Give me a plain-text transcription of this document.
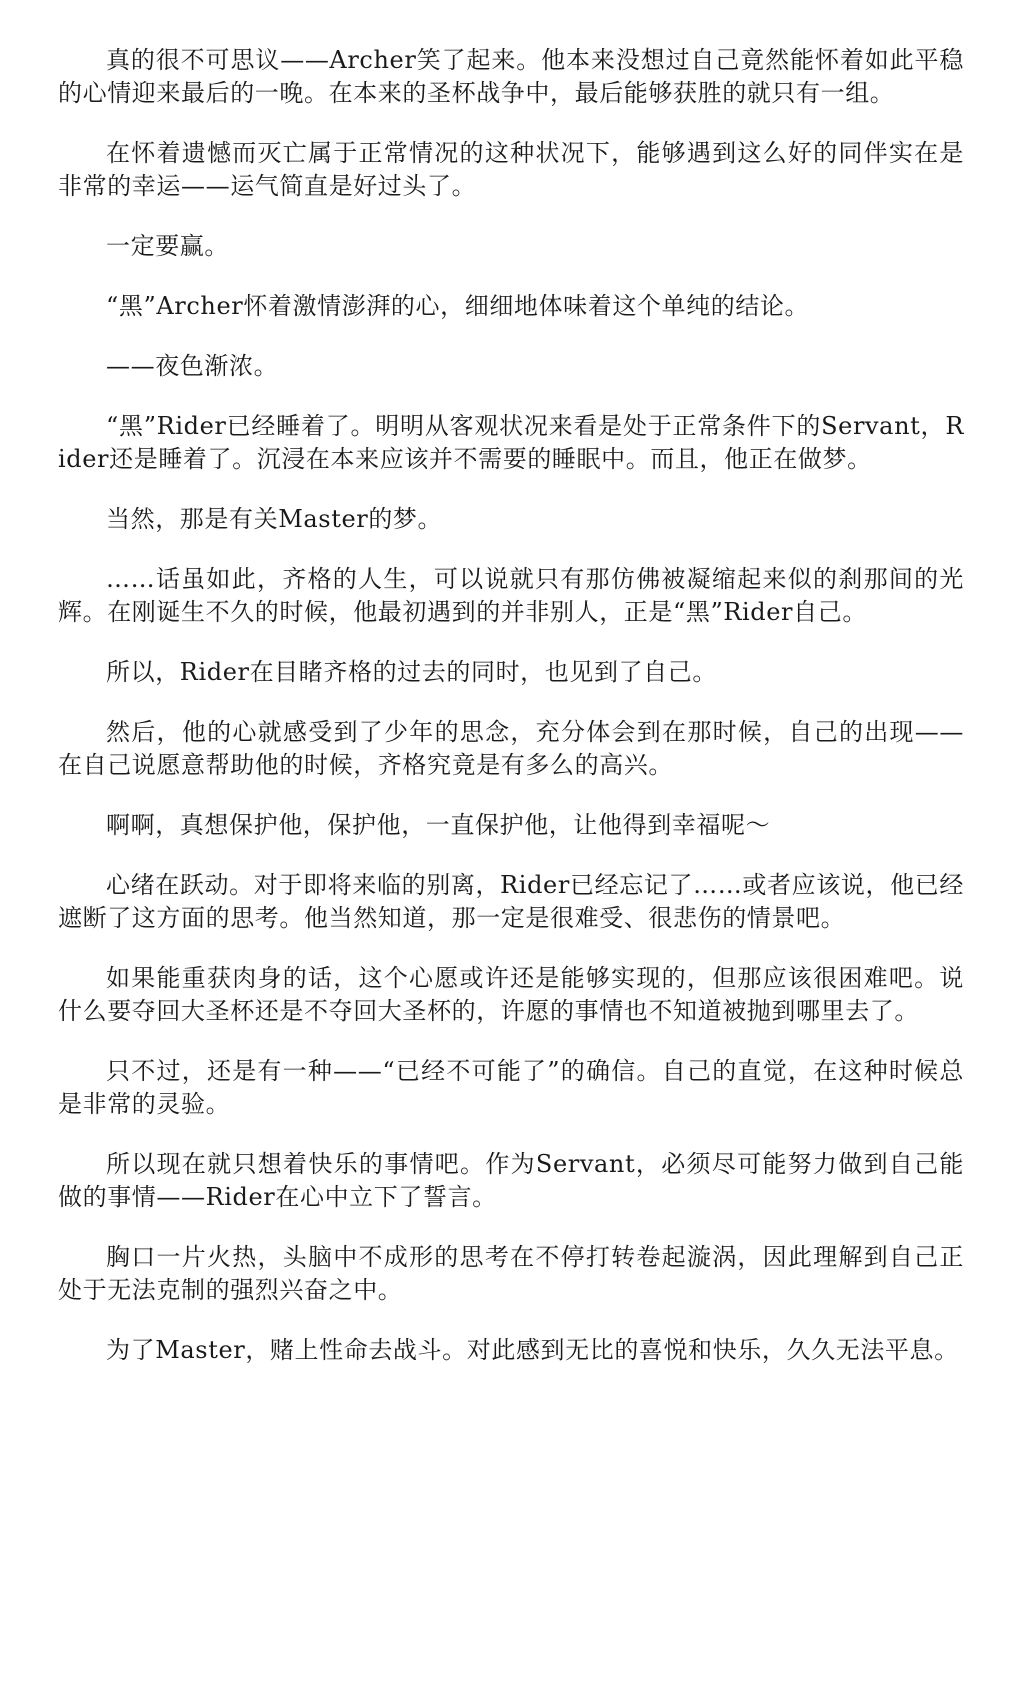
真的很不可思议——Archer笑了起来。他本来没想过自己竟然能怀着如此平稳的心情迎来最后的一晚。在本来的圣杯战争中，最后能够获胜的就只有一组。

在怀着遗憾而灭亡属于正常情况的这种状况下，能够遇到这么好的同伴实在是非常的幸运——运气简直是好过头了。

一定要赢。

“黑”Archer怀着激情澎湃的心，细细地体味着这个单纯的结论。

——夜色渐浓。

“黑”Rider已经睡着了。明明从客观状况来看是处于正常条件下的Servant，Rider还是睡着了。沉浸在本来应该并不需要的睡眠中。而且，他正在做梦。

当然，那是有关Master的梦。

……话虽如此，齐格的人生，可以说就只有那仿佛被凝缩起来似的刹那间的光辉。在刚诞生不久的时候，他最初遇到的并非别人，正是“黑”Rider自己。

所以，Rider在目睹齐格的过去的同时，也见到了自己。

然后，他的心就感受到了少年的思念，充分体会到在那时候，自己的出现——在自己说愿意帮助他的时候，齐格究竟是有多么的高兴。

啊啊，真想保护他，保护他，一直保护他，让他得到幸福呢～

心绪在跃动。对于即将来临的别离，Rider已经忘记了……或者应该说，他已经遮断了这方面的思考。他当然知道，那一定是很难受、很悲伤的情景吧。

如果能重获肉身的话，这个心愿或许还是能够实现的，但那应该很困难吧。说什么要夺回大圣杯还是不夺回大圣杯的，许愿的事情也不知道被抛到哪里去了。

只不过，还是有一种——“已经不可能了”的确信。自己的直觉，在这种时候总是非常的灵验。

所以现在就只想着快乐的事情吧。作为Servant，必须尽可能努力做到自己能做的事情——Rider在心中立下了誓言。

胸口一片火热，头脑中不成形的思考在不停打转卷起漩涡，因此理解到自己正处于无法克制的强烈兴奋之中。

为了Master，赌上性命去战斗。对此感到无比的喜悦和快乐，久久无法平息。
